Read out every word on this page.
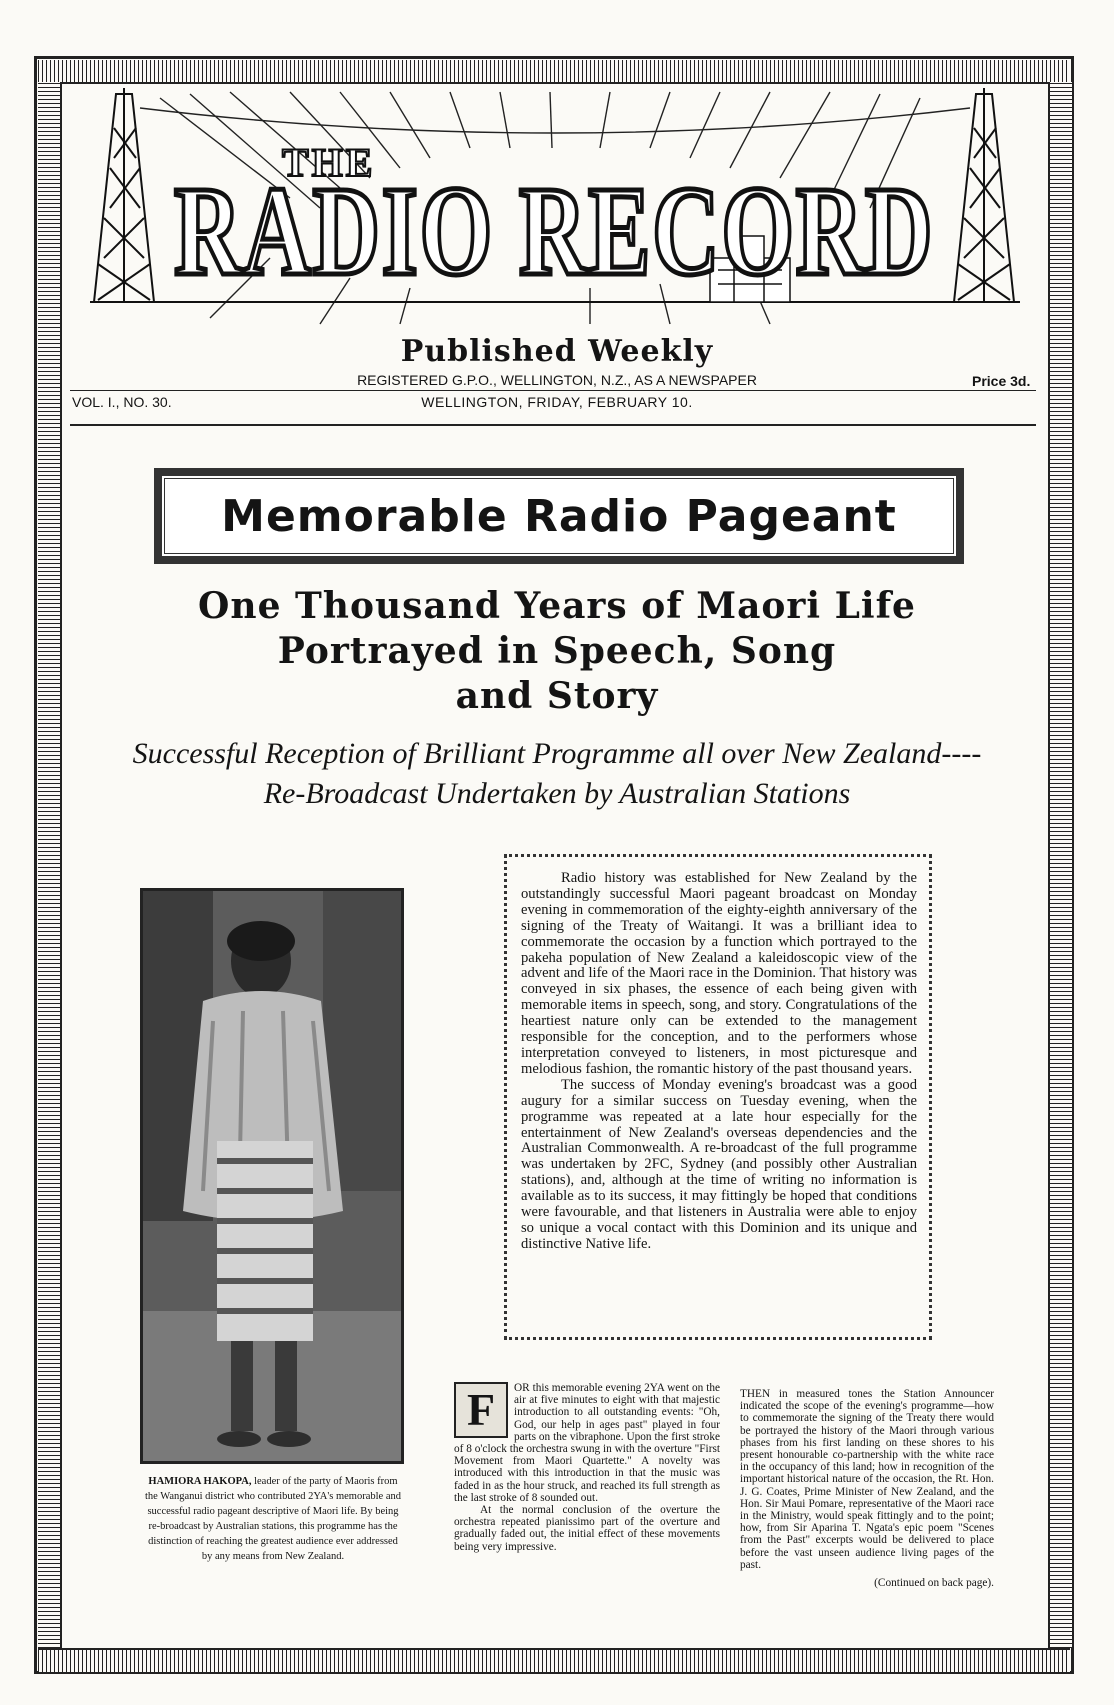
THE
RADIO RECORD
Published Weekly
REGISTERED G.P.O., WELLINGTON, N.Z., AS A NEWSPAPER	Price 3d.
VOL. I., NO. 30.	WELLINGTON, FRIDAY, FEBRUARY 10.
Memorable Radio Pageant
One Thousand Years of Maori Life
Portrayed in Speech, Song
and Story
Successful Reception of Brilliant Programme all over New Zealand----
Re-Broadcast Undertaken by Australian Stations

Radio history was established for New Zealand by the outstandingly successful Maori pageant broadcast on Monday evening in commemoration of the eighty-eighth anniversary of the signing of the Treaty of Waitangi. It was a brilliant idea to commemorate the occasion by a function which portrayed to the pakeha population of New Zealand a kaleidoscopic view of the advent and life of the Maori race in the Dominion. That history was conveyed in six phases, the essence of each being given with memorable items in speech, song, and story. Congratulations of the heartiest nature only can be extended to the management responsible for the conception, and to the performers whose interpretation conveyed to listeners, in most picturesque and melodious fashion, the romantic history of the past thousand years.

The success of Monday evening's broadcast was a good augury for a similar success on Tuesday evening, when the programme was repeated at a late hour especially for the entertainment of New Zealand's overseas dependencies and the Australian Commonwealth. A re-broadcast of the full programme was undertaken by 2FC, Sydney (and possibly other Australian stations), and, although at the time of writing no information is available as to its success, it may fittingly be hoped that conditions were favourable, and that listeners in Australia were able to enjoy so unique a vocal contact with this Dominion and its unique and distinctive Native life.

HAMIORA HAKOPA, leader of the party of Maoris from the Wanganui district who contributed 2YA's memorable and successful radio pageant descriptive of Maori life. By being re-broadcast by Australian stations, this programme has the distinction of reaching the greatest audience ever addressed by any means from New Zealand.
F	OR this memorable evening 2YA went on the air at five minutes to eight with that majestic introduction to all outstanding events: "Oh, God, our help in ages past" played in four parts on the vibraphone. Upon the first stroke of 8 o'clock the orchestra swung in with the overture "First Movement from Maori Quartette." A novelty was introduced with this introduction in that the music was faded in as the hour struck, and reached its full strength as the last stroke of 8 sounded out.

At the normal conclusion of the overture the orchestra repeated pianissimo part of the overture and gradually faded out, the initial effect of these movements being very impressive.

THEN in measured tones the Station Announcer indicated the scope of the evening's programme—how to commemorate the signing of the Treaty there would be portrayed the history of the Maori through various phases from his first landing on these shores to his present honourable co-partnership with the white race in the occupancy of this land; how in recognition of the important historical nature of the occasion, the Rt. Hon. J. G. Coates, Prime Minister of New Zealand, and the Hon. Sir Maui Pomare, representative of the Maori race in the Ministry, would speak fittingly and to the point; how, from Sir Aparina T. Ngata's epic poem "Scenes from the Past" excerpts would be delivered to place before the vast unseen audience living pages of the past.
(Continued on back page).
